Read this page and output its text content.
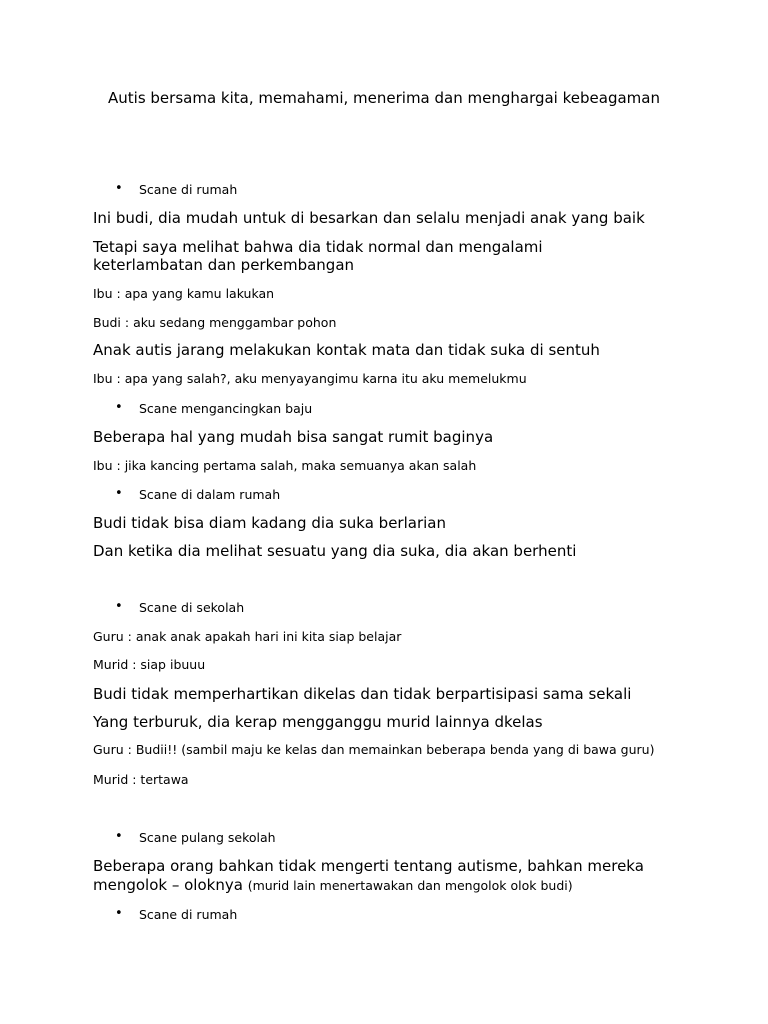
Autis bersama kita, memahami, menerima dan menghargai kebeagaman
• Scane di rumah
Ini budi, dia mudah untuk di besarkan dan selalu menjadi anak yang baik
Tetapi saya melihat bahwa dia tidak normal dan mengalami
keterlambatan dan perkembangan
Ibu : apa yang kamu lakukan
Budi : aku sedang menggambar pohon
Anak autis jarang melakukan kontak mata dan tidak suka di sentuh
Ibu : apa yang salah?, aku menyayangimu karna itu aku memelukmu
• Scane mengancingkan baju
Beberapa hal yang mudah bisa sangat rumit baginya
Ibu : jika kancing pertama salah, maka semuanya akan salah
• Scane di dalam rumah
Budi tidak bisa diam kadang dia suka berlarian
Dan ketika dia melihat sesuatu yang dia suka, dia akan berhenti
• Scane di sekolah
Guru : anak anak apakah hari ini kita siap belajar
Murid : siap ibuuu
Budi tidak memperhartikan dikelas dan tidak berpartisipasi sama sekali
Yang terburuk, dia kerap mengganggu murid lainnya dkelas
Guru : Budii!! (sambil maju ke kelas dan memainkan beberapa benda yang di bawa guru)
Murid : tertawa
• Scane pulang sekolah
Beberapa orang bahkan tidak mengerti tentang autisme, bahkan mereka
mengolok – oloknya (murid lain menertawakan dan mengolok olok budi)
• Scane di rumah
